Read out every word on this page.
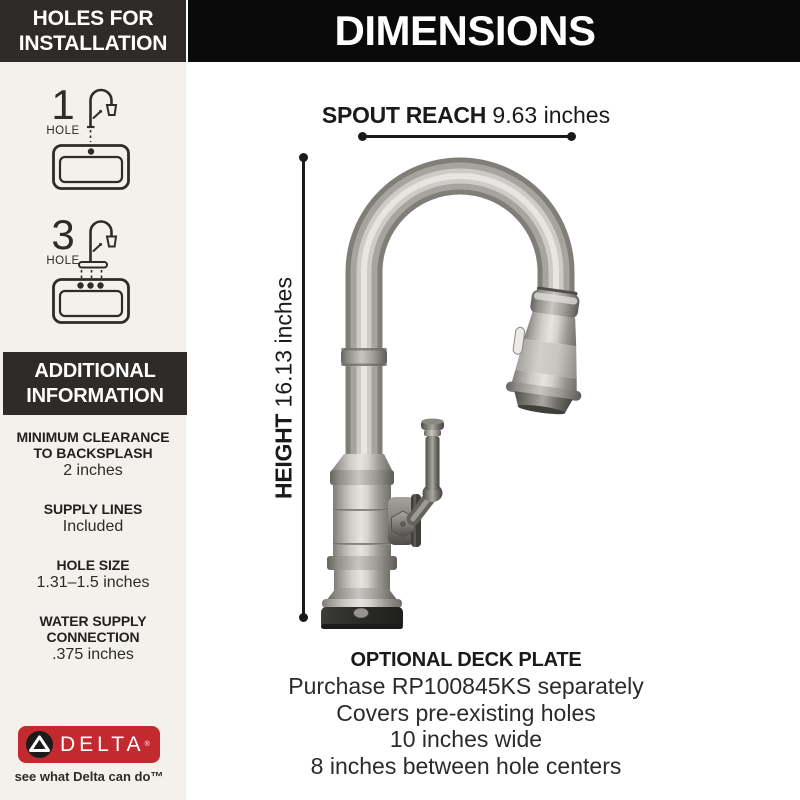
HOLES FOR INSTALLATION
1
HOLE
3
HOLE
ADDITIONAL INFORMATION
MINIMUM CLEARANCE TO BACKSPLASH
2 inches
SUPPLY LINES
Included
HOLE SIZE
1.31–1.5 inches
WATER SUPPLY CONNECTION
.375 inches
DELTA ®
see what Delta can do™
DIMENSIONS
SPOUT REACH 9.63 inches
HEIGHT 16.13 inches
OPTIONAL DECK PLATE
Purchase RP100845KS separately
Covers pre-existing holes
10 inches wide
8 inches between hole centers
